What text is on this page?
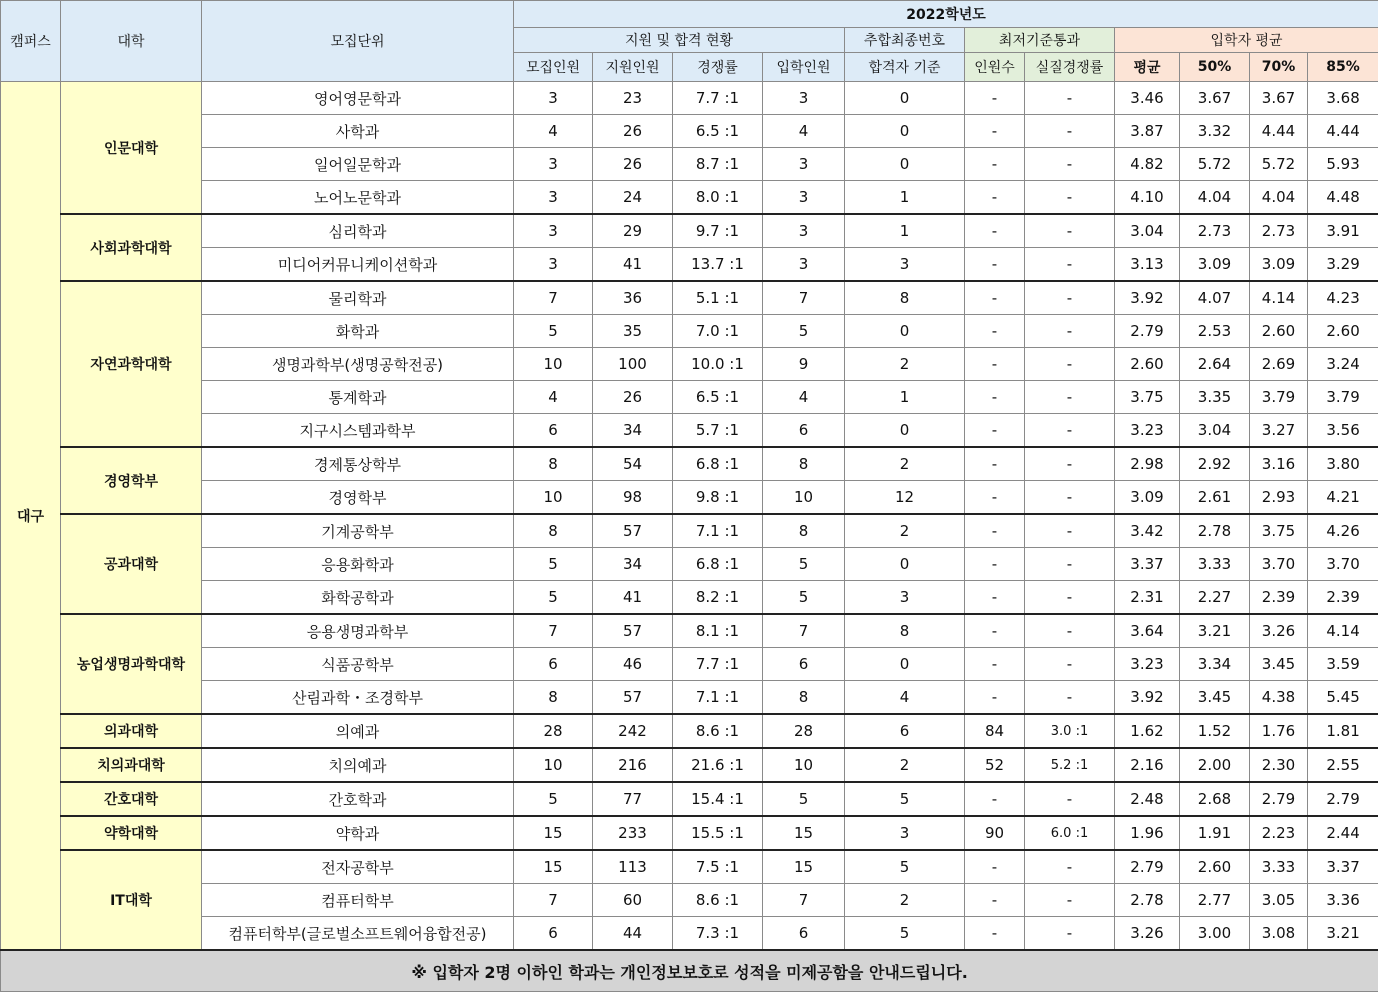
캠퍼스	대학	모집단위	2022학년도										
			지원 및 합격 현황				추합최종번호	최저기준통과		입학자 평균			
			모집인원	지원인원	경쟁률	입학인원	합격자 기준	인원수	실질경쟁률	평균	50%	70%	85%
대구	인문대학	영어영문학과	3	23	7.7 :1	3	0	-	-	3.46	3.67	3.67	3.68
		사학과	4	26	6.5 :1	4	0	-	-	3.87	3.32	4.44	4.44
		일어일문학과	3	26	8.7 :1	3	0	-	-	4.82	5.72	5.72	5.93
		노어노문학과	3	24	8.0 :1	3	1	-	-	4.10	4.04	4.04	4.48
	사회과학대학	심리학과	3	29	9.7 :1	3	1	-	-	3.04	2.73	2.73	3.91
		미디어커뮤니케이션학과	3	41	13.7 :1	3	3	-	-	3.13	3.09	3.09	3.29
	자연과학대학	물리학과	7	36	5.1 :1	7	8	-	-	3.92	4.07	4.14	4.23
		화학과	5	35	7.0 :1	5	0	-	-	2.79	2.53	2.60	2.60
		생명과학부(생명공학전공)	10	100	10.0 :1	9	2	-	-	2.60	2.64	2.69	3.24
		통계학과	4	26	6.5 :1	4	1	-	-	3.75	3.35	3.79	3.79
		지구시스템과학부	6	34	5.7 :1	6	0	-	-	3.23	3.04	3.27	3.56
	경영학부	경제통상학부	8	54	6.8 :1	8	2	-	-	2.98	2.92	3.16	3.80
		경영학부	10	98	9.8 :1	10	12	-	-	3.09	2.61	2.93	4.21
	공과대학	기계공학부	8	57	7.1 :1	8	2	-	-	3.42	2.78	3.75	4.26
		응용화학과	5	34	6.8 :1	5	0	-	-	3.37	3.33	3.70	3.70
		화학공학과	5	41	8.2 :1	5	3	-	-	2.31	2.27	2.39	2.39
	농업생명과학대학	응용생명과학부	7	57	8.1 :1	7	8	-	-	3.64	3.21	3.26	4.14
		식품공학부	6	46	7.7 :1	6	0	-	-	3.23	3.34	3.45	3.59
		산림과학・조경학부	8	57	7.1 :1	8	4	-	-	3.92	3.45	4.38	5.45
	의과대학	의예과	28	242	8.6 :1	28	6	84	3.0 :1	1.62	1.52	1.76	1.81
	치의과대학	치의예과	10	216	21.6 :1	10	2	52	5.2 :1	2.16	2.00	2.30	2.55
	간호대학	간호학과	5	77	15.4 :1	5	5	-	-	2.48	2.68	2.79	2.79
	약학대학	약학과	15	233	15.5 :1	15	3	90	6.0 :1	1.96	1.91	2.23	2.44
	IT대학	전자공학부	15	113	7.5 :1	15	5	-	-	2.79	2.60	3.33	3.37
		컴퓨터학부	7	60	8.6 :1	7	2	-	-	2.78	2.77	3.05	3.36
		컴퓨터학부(글로벌소프트웨어융합전공)	6	44	7.3 :1	6	5	-	-	3.26	3.00	3.08	3.21
※ 입학자 2명 이하인 학과는 개인정보보호로 성적을 미제공함을 안내드립니다.													
